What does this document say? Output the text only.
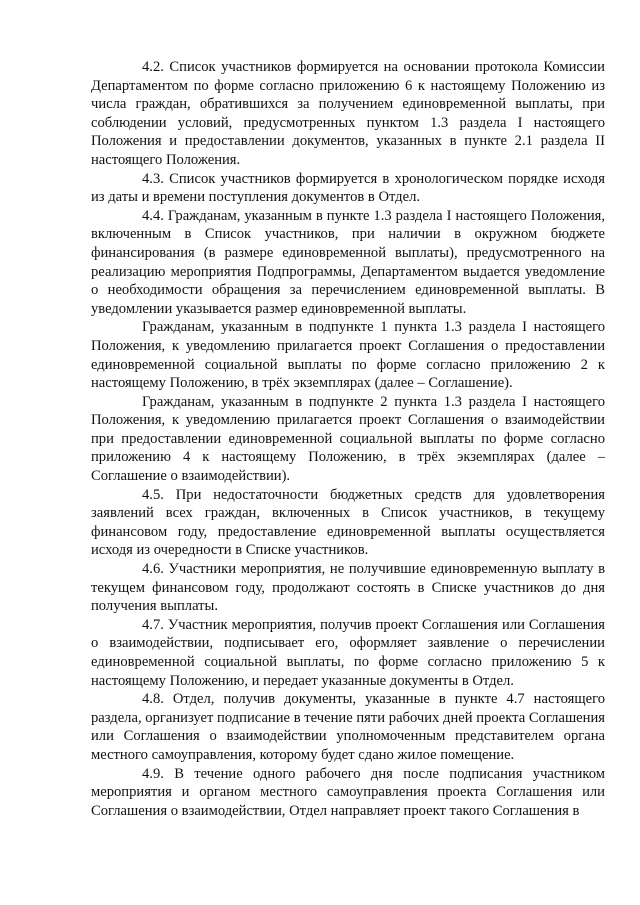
4.2. Список участников формируется на основании протокола Комиссии Департаментом по форме согласно приложению 6 к настоящему Положению из числа граждан, обратившихся за получением единовременной выплаты, при соблюдении условий, предусмотренных пунктом 1.3 раздела I настоящего Положения и предоставлении документов, указанных в пункте 2.1 раздела II настоящего Положения.

4.3. Список участников формируется в хронологическом порядке исходя из даты и времени поступления документов в Отдел.

4.4. Гражданам, указанным в пункте 1.3 раздела I настоящего Положения, включенным в Список участников, при наличии в окружном бюджете финансирования (в размере единовременной выплаты), предусмотренного на реализацию мероприятия Подпрограммы, Департаментом выдается уведомление о необходимости обращения за перечислением единовременной выплаты. В уведомлении указывается размер единовременной выплаты.

Гражданам, указанным в подпункте 1 пункта 1.3 раздела I настоящего Положения, к уведомлению прилагается проект Соглашения о предоставлении единовременной социальной выплаты по форме согласно приложению 2 к настоящему Положению, в трёх экземплярах (далее – Соглашение).

Гражданам, указанным в подпункте 2 пункта 1.3 раздела I настоящего Положения, к уведомлению прилагается проект Соглашения о взаимодействии при предоставлении единовременной социальной выплаты по форме согласно приложению 4 к настоящему Положению, в трёх экземплярах (далее – Соглашение о взаимодействии).

4.5. При недостаточности бюджетных средств для удовлетворения заявлений всех граждан, включенных в Список участников, в текущему финансовом году, предоставление единовременной выплаты осуществляется исходя из очередности в Списке участников.

4.6. Участники мероприятия, не получившие единовременную выплату в текущем финансовом году, продолжают состоять в Списке участников до дня получения выплаты.

4.7. Участник мероприятия, получив проект Соглашения или Соглашения о взаимодействии, подписывает его, оформляет заявление о перечислении единовременной социальной выплаты, по форме согласно приложению 5 к настоящему Положению, и передает указанные документы в Отдел.

4.8. Отдел, получив документы, указанные в пункте 4.7 настоящего раздела, организует подписание в течение пяти рабочих дней проекта Соглашения или Соглашения о взаимодействии уполномоченным представителем органа местного самоуправления, которому будет сдано жилое помещение.

4.9. В течение одного рабочего дня после подписания участником мероприятия и органом местного самоуправления проекта Соглашения или Соглашения о взаимодействии, Отдел направляет проект такого Соглашения в
